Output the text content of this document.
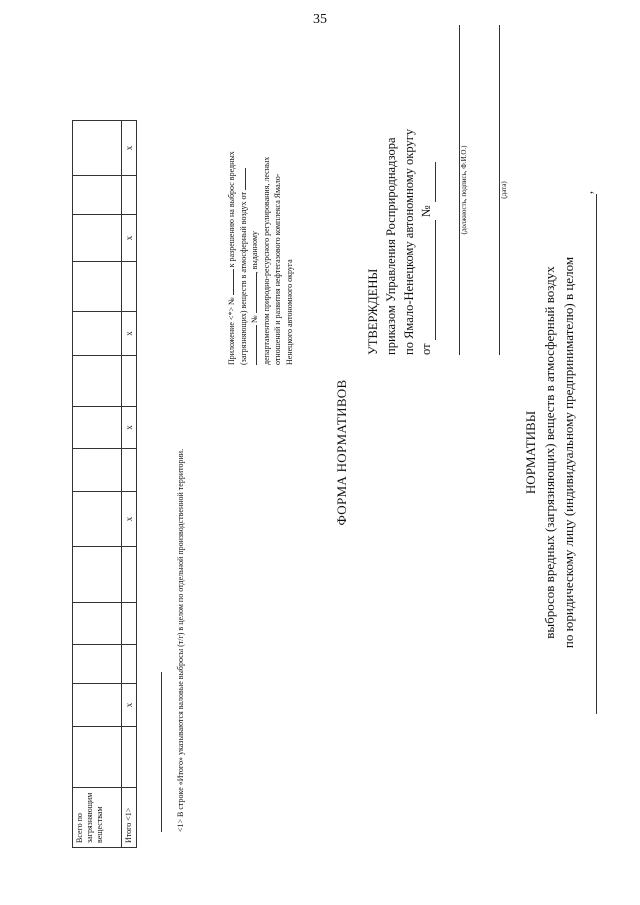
35
Всего по загрязняющим веществам														

Итого <1>		х				х		х		х		х		х
<1> В строке «Итого» указываются валовые выбросы (т/г) в целом по отдельной производственной территории.
Приложение <*> №  к разрешению на выброс вредных (загрязняющих) веществ в атмосферный воздух от № , выданному департаментом природно-ресурсного регулирования, лесных отношений и развития нефтегазового комплекса Ямало- Ненецкого автономного округа
ФОРМА НОРМАТИВОВ
УТВЕРЖДЕНЫ приказом Управления Росприроднадзора по Ямало-Ненецкому автономному округу от  №	(должность, подпись, Ф.И.О.)	(дата)
НОРМАТИВЫ выбросов вредных (загрязняющих) веществ в атмосферный воздух по юридическому лицу (индивидуальному предпринимателю) в целом
,
